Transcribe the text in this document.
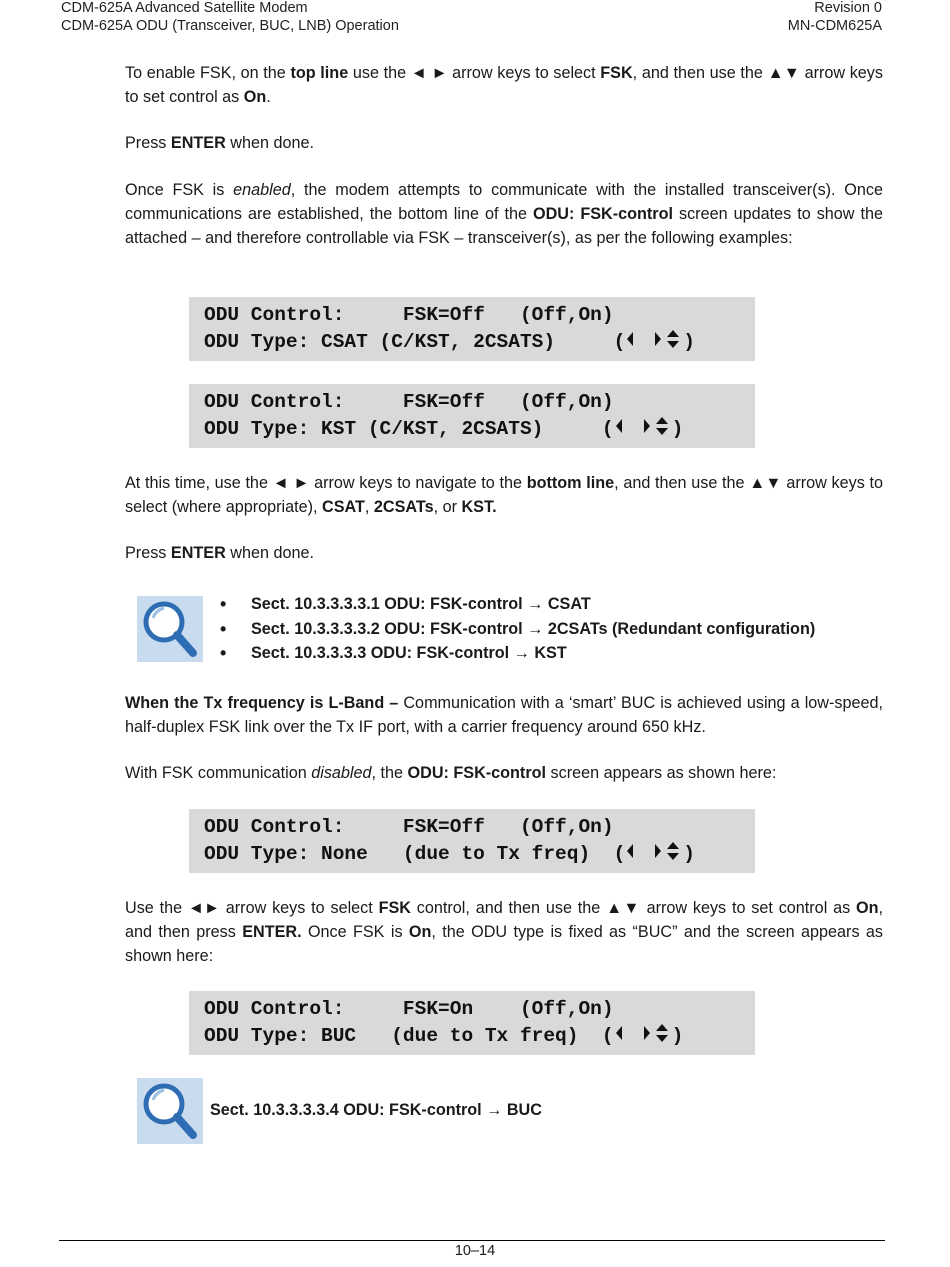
CDM-625A Advanced Satellite Modem
CDM-625A ODU (Transceiver, BUC, LNB) Operation
Revision 0
MN-CDM625A
To enable FSK, on the top line use the ◄ ► arrow keys to select FSK, and then use the ▲▼ arrow keys to set control as On.
Press ENTER when done.
Once FSK is enabled, the modem attempts to communicate with the installed transceiver(s). Once communications are established, the bottom line of the ODU: FSK-control screen updates to show the attached – and therefore controllable via FSK – transceiver(s), as per the following examples:
ODU Control:     FSK=Off   (Off,On)
ODU Type: CSAT (C/KST, 2CSATS)     (	)
ODU Control:     FSK=Off   (Off,On)
ODU Type: KST (C/KST, 2CSATS)     (	)
At this time, use the ◄ ► arrow keys to navigate to the bottom line, and then use the ▲▼ arrow keys to select (where appropriate), CSAT, 2CSATs, or KST.
Press ENTER when done.
• Sect. 10.3.3.3.3.1 ODU: FSK-control → CSAT
• Sect. 10.3.3.3.3.2 ODU: FSK-control → 2CSATs (Redundant configuration)
• Sect. 10.3.3.3.3 ODU: FSK-control → KST
When the Tx frequency is L-Band – Communication with a ‘smart’ BUC is achieved using a low-speed, half-duplex FSK link over the Tx IF port, with a carrier frequency around 650 kHz.
With FSK communication disabled, the ODU: FSK-control screen appears as shown here:
ODU Control:     FSK=Off   (Off,On)
ODU Type: None   (due to Tx freq)  (	)
Use the ◄► arrow keys to select FSK control, and then use the ▲▼ arrow keys to set control as On, and then press ENTER. Once FSK is On, the ODU type is fixed as “BUC” and the screen appears as shown here:
ODU Control:     FSK=On    (Off,On)
ODU Type: BUC   (due to Tx freq)  (	)
Sect. 10.3.3.3.3.4 ODU: FSK-control → BUC
10–14
